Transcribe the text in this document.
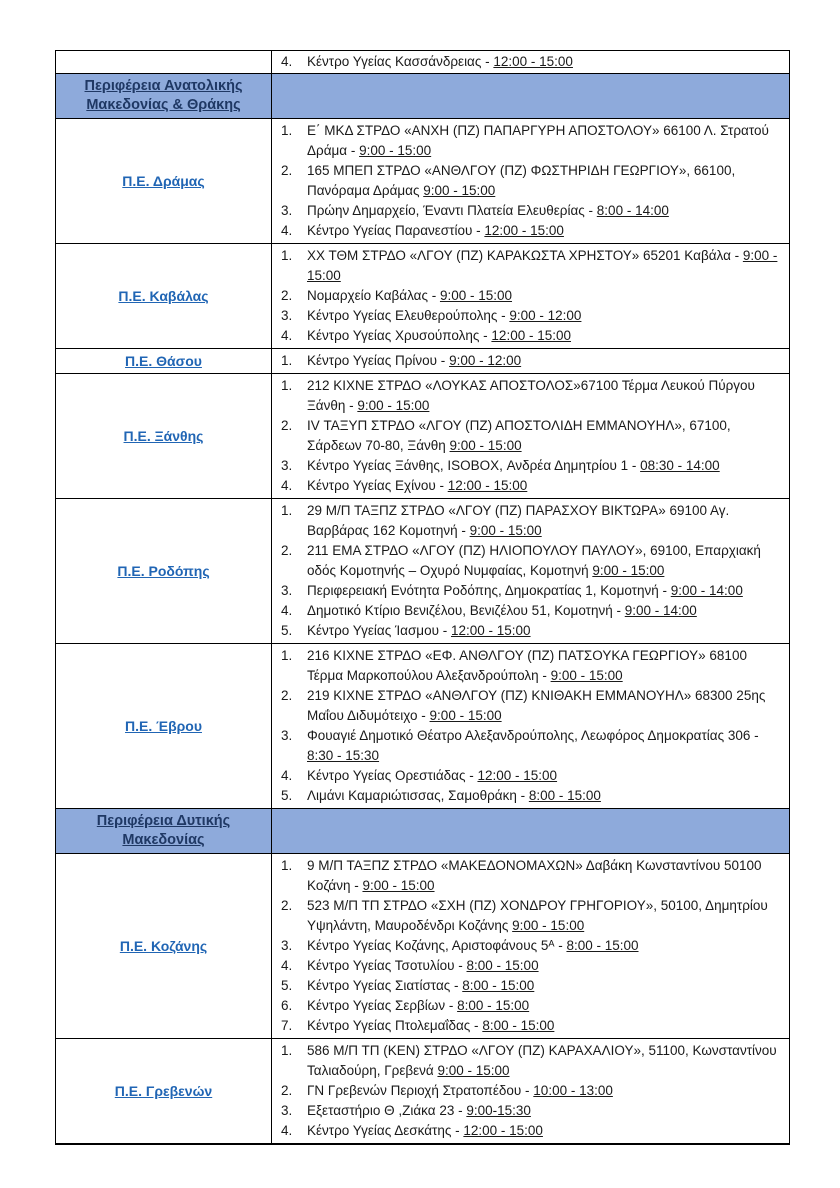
	4. Κέντρο Υγείας Κασσάνδρειας - 12:00 - 15:00

Περιφέρεια Ανατολικής Μακεδονίας & Θράκης	
Π.Ε. Δράμας	
1.	Ε΄ ΜΚΔ ΣΤΡΔΟ «ΑΝΧΗ (ΠΖ) ΠΑΠΑΡΓΥΡΗ ΑΠΟΣΤΟΛΟΥ» 66100 Λ. Στρατού Δράμα - 9:00 - 15:00
2.	165 ΜΠΕΠ ΣΤΡΔΟ «ΑΝΘΛΓΟΥ (ΠΖ) ΦΩΣΤΗΡΙΔΗ ΓΕΩΡΓΙΟΥ», 66100, Πανόραμα Δράμας 9:00 - 15:00
3.	Πρώην Δημαρχείο, Έναντι Πλατεία Ελευθερίας - 8:00 - 14:00
4.	Κέντρο Υγείας Παρανεστίου - 12:00 - 15:00

Π.Ε. Καβάλας	
1.	ΧΧ ΤΘΜ ΣΤΡΔΟ «ΛΓΟΥ (ΠΖ) ΚΑΡΑΚΩΣΤΑ ΧΡΗΣΤΟΥ» 65201 Καβάλα - 9:00 - 15:00
2.	Νομαρχείο Καβάλας - 9:00 - 15:00
3.	Κέντρο Υγείας Ελευθερούπολης - 9:00 - 12:00
4.	Κέντρο Υγείας Χρυσούπολης - 12:00 - 15:00

Π.Ε. Θάσου	1. Κέντρο Υγείας Πρίνου - 9:00 - 12:00

Π.Ε. Ξάνθης	
1.	212 ΚΙΧΝΕ ΣΤΡΔΟ «ΛΟΥΚΑΣ ΑΠΟΣΤΟΛΟΣ»67100 Τέρμα Λευκού Πύργου Ξάνθη - 9:00 - 15:00
2.	IV ΤΑΞΥΠ ΣΤΡΔΟ «ΛΓΟΥ (ΠΖ) ΑΠΟΣΤΟΛΙΔΗ ΕΜΜΑΝΟΥΗΛ», 67100, Σάρδεων 70-80, Ξάνθη 9:00 - 15:00
3.	Κέντρο Υγείας Ξάνθης, ISOBOX, Ανδρέα Δημητρίου 1 - 08:30 - 14:00
4.	Κέντρο Υγείας Εχίνου - 12:00 - 15:00

Π.Ε. Ροδόπης	
1.	29 Μ/Π ΤΑΞΠΖ ΣΤΡΔΟ «ΛΓΟΥ (ΠΖ) ΠΑΡΑΣΧΟΥ ΒΙΚΤΩΡΑ» 69100 Αγ. Βαρβάρας 162 Κομοτηνή - 9:00 - 15:00
2.	211 ΕΜΑ ΣΤΡΔΟ «ΛΓΟΥ (ΠΖ) ΗΛΙΟΠΟΥΛΟΥ ΠΑΥΛΟΥ», 69100, Επαρχιακή οδός Κομοτηνής – Οχυρό Νυμφαίας, Κομοτηνή 9:00 - 15:00
3.	Περιφερειακή Ενότητα Ροδόπης, Δημοκρατίας 1, Κομοτηνή - 9:00 - 14:00
4.	Δημοτικό Κτίριο Βενιζέλου, Βενιζέλου 51, Κομοτηνή - 9:00 - 14:00
5.	Κέντρο Υγείας Ίασμου - 12:00 - 15:00

Π.Ε. Έβρου	
1.	216 ΚΙΧΝΕ ΣΤΡΔΟ «ΕΦ. ΑΝΘΛΓΟΥ (ΠΖ) ΠΑΤΣΟΥΚΑ ΓΕΩΡΓΙΟΥ» 68100 Τέρμα Μαρκοπούλου Αλεξανδρούπολη - 9:00 - 15:00
2.	219 ΚΙΧΝΕ ΣΤΡΔΟ «ΑΝΘΛΓΟΥ (ΠΖ) ΚΝΙΘΑΚΗ ΕΜΜΑΝΟΥΗΛ» 68300 25ης Μαΐου Διδυμότειχο - 9:00 - 15:00
3.	Φουαγιέ Δημοτικό Θέατρο Αλεξανδρούπολης, Λεωφόρος Δημοκρατίας 306 - 8:30 - 15:30
4.	Κέντρο Υγείας Ορεστιάδας - 12:00 - 15:00
5.	Λιμάνι Καμαριώτισσας, Σαμοθράκη - 8:00 - 15:00

Περιφέρεια Δυτικής Μακεδονίας	
Π.Ε. Κοζάνης	
1.	9 Μ/Π ΤΑΞΠΖ ΣΤΡΔΟ «ΜΑΚΕΔΟΝΟΜΑΧΩΝ» Δαβάκη Κωνσταντίνου 50100 Κοζάνη - 9:00 - 15:00
2.	523 Μ/Π ΤΠ ΣΤΡΔΟ «ΣΧΗ (ΠΖ) ΧΟΝΔΡΟΥ ΓΡΗΓΟΡΙΟΥ», 50100, Δημητρίου Υψηλάντη, Μαυροδένδρι Κοζάνης 9:00 - 15:00
3.	Κέντρο Υγείας Κοζάνης, Αριστοφάνους 5ᴬ - 8:00 - 15:00
4.	Κέντρο Υγείας Τσοτυλίου - 8:00 - 15:00
5.	Κέντρο Υγείας Σιατίστας - 8:00 - 15:00
6.	Κέντρο Υγείας Σερβίων - 8:00 - 15:00
7.	Κέντρο Υγείας Πτολεμαΐδας - 8:00 - 15:00

Π.Ε. Γρεβενών	
1.	586 Μ/Π ΤΠ (ΚΕΝ) ΣΤΡΔΟ «ΛΓΟΥ (ΠΖ) ΚΑΡΑΧΑΛΙΟΥ», 51100, Κωνσταντίνου Ταλιαδούρη, Γρεβενά 9:00 - 15:00
2.	ΓΝ Γρεβενών Περιοχή Στρατοπέδου - 10:00 - 13:00
3.	Εξεταστήριο Θ ,Ζιάκα 23 - 9:00-15:30
4.	Κέντρο Υγείας Δεσκάτης - 12:00 - 15:00
